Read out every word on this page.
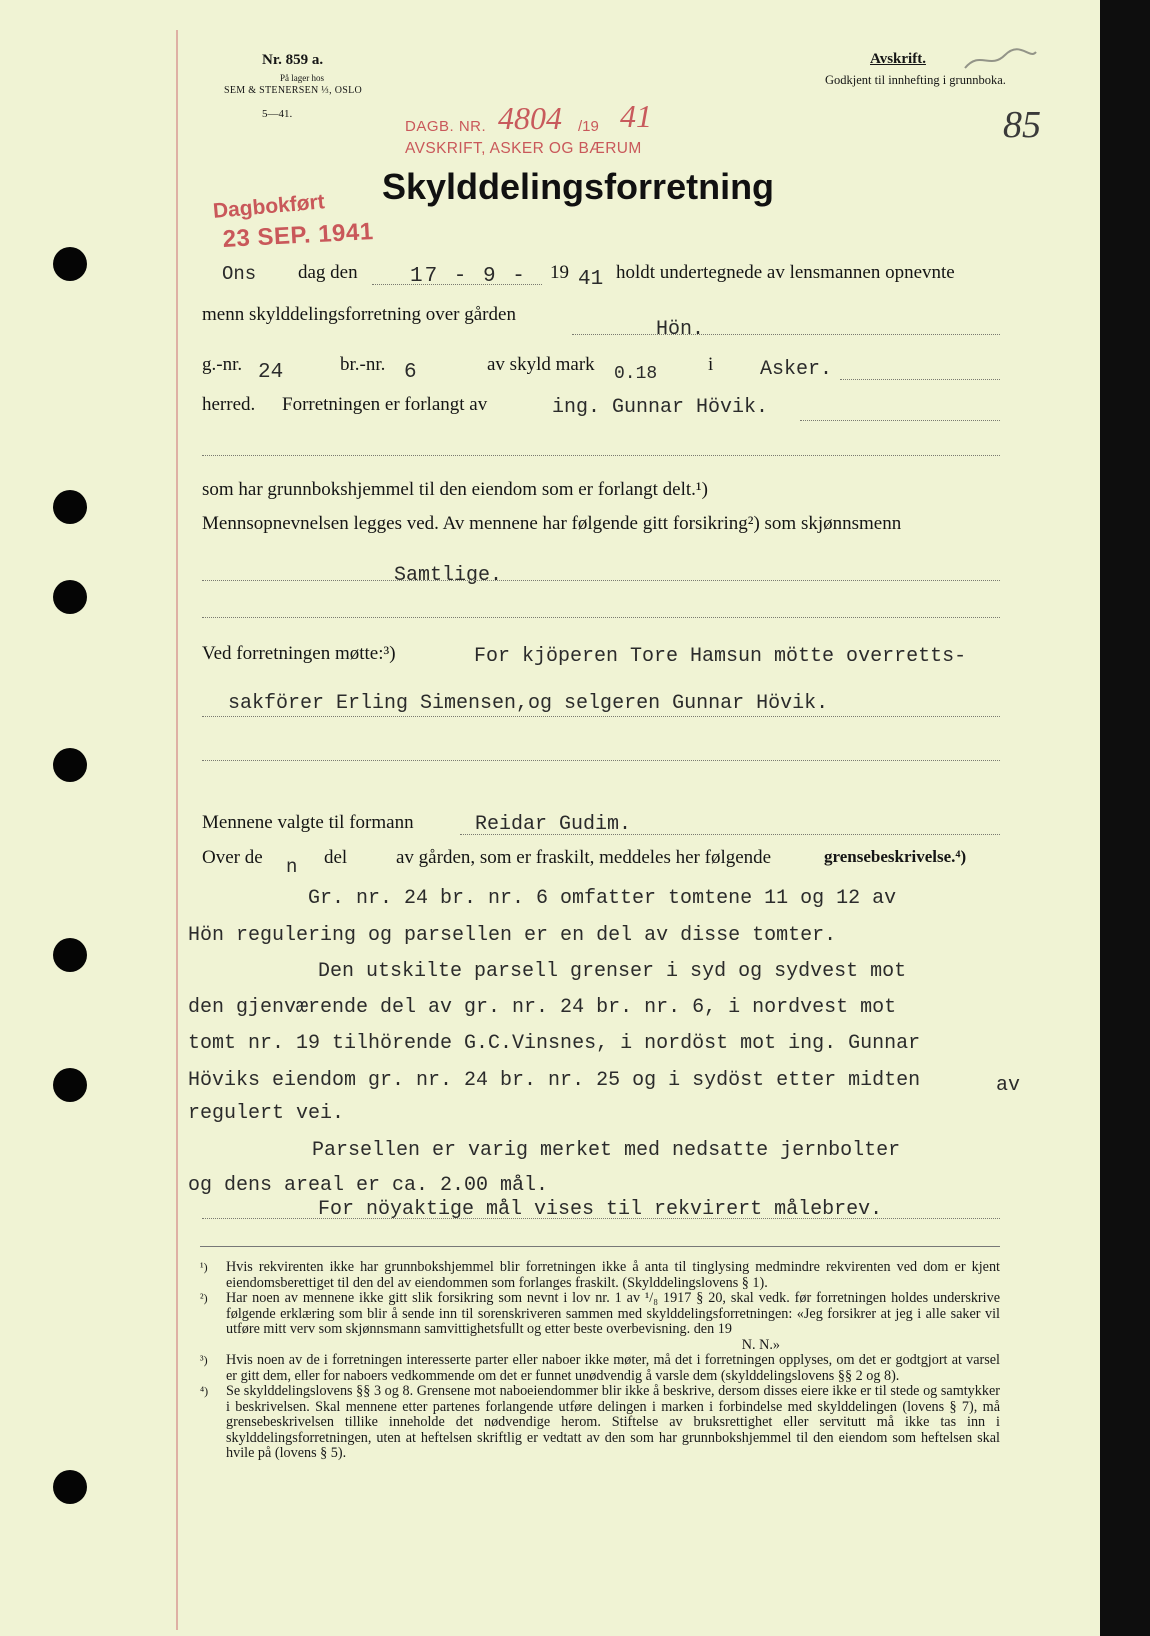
Nr. 859 a.
På lager hos
SEM & STENERSEN ⅓, OSLO
5—41.
Avskrift.
Godkjent til innhefting i grunnboka.
85
DAGB. NR. 4804 /19 41
AVSKRIFT, ASKER OG BÆRUM
Dagbokført
23 SEP. 1941
Skylddelingsforretning
Ons dag den 17 - 9 - 19 41 holdt undertegnede av lensmannen opnevnte
menn skylddelingsforretning over gården
Hön.
g.-nr. 24	br.-nr. 6	av skyld mark 0.18	i Asker.
herred. Forretningen er forlangt av	ing. Gunnar Hövik.
som har grunnbokshjemmel til den eiendom som er forlangt delt.¹)
Mennsopnevnelsen legges ved. Av mennene har følgende gitt forsikring²) som skjønnsmenn
Samtlige.
Ved forretningen møtte:³)	For kjöperen Tore Hamsun mötte overretts-
sakförer Erling Simensen,og selgeren Gunnar Hövik.
Mennene valgte til formann	Reidar Gudim.
Over de n del	av gården, som er fraskilt, meddeles her følgende	grensebeskrivelse.⁴)
Gr. nr. 24 br. nr. 6 omfatter tomtene 11 og 12 av
Hön regulering og parsellen er en del av disse tomter.
Den utskilte parsell grenser i syd og sydvest mot
den gjenværende del av gr. nr. 24 br. nr. 6, i nordvest mot
tomt nr. 19 tilhörende G.C.Vinsnes, i nordöst mot ing. Gunnar
Höviks eiendom gr. nr. 24 br. nr. 25 og i sydöst etter midten	av
regulert vei.
Parsellen er varig merket med nedsatte jernbolter
og dens areal er ca. 2.00 mål.
For nöyaktige mål vises til rekvirert målebrev.
¹)	Hvis rekvirenten ikke har grunnbokshjemmel blir forretningen ikke å anta til tinglysing medmindre rekvirenten ved dom er kjent eiendomsberettiget til den del av eiendommen som forlanges fraskilt. (Skylddelingslovens § 1).
²)	Har noen av mennene ikke gitt slik forsikring som nevnt i lov nr. 1 av ¹/₈ 1917 § 20, skal vedk. før forretningen holdes underskrive følgende erklæring som blir å sende inn til sorenskriveren sammen med skylddelingsforretningen: «Jeg forsikrer at jeg i alle saker vil utføre mitt verv som skjønnsmann samvittighetsfullt og etter beste overbevisning. den 19
N. N.»
³)	Hvis noen av de i forretningen interesserte parter eller naboer ikke møter, må det i forretningen opplyses, om det er godtgjort at varsel er gitt dem, eller for naboers vedkommende om det er funnet unødvendig å varsle dem (skylddelingslovens §§ 2 og 8).
⁴)	Se skylddelingslovens §§ 3 og 8. Grensene mot naboeiendommer blir ikke å beskrive, dersom disses eiere ikke er til stede og samtykker i beskrivelsen. Skal mennene etter partenes forlangende utføre delingen i marken i forbindelse med skylddelingen (lovens § 7), må grensebeskrivelsen tillike inneholde det nødvendige herom. Stiftelse av bruksrettighet eller servitutt må ikke tas inn i skylddelingsforretningen, uten at heftelsen skriftlig er vedtatt av den som har grunnbokshjemmel til den eiendom som heftelsen skal hvile på (lovens § 5).
